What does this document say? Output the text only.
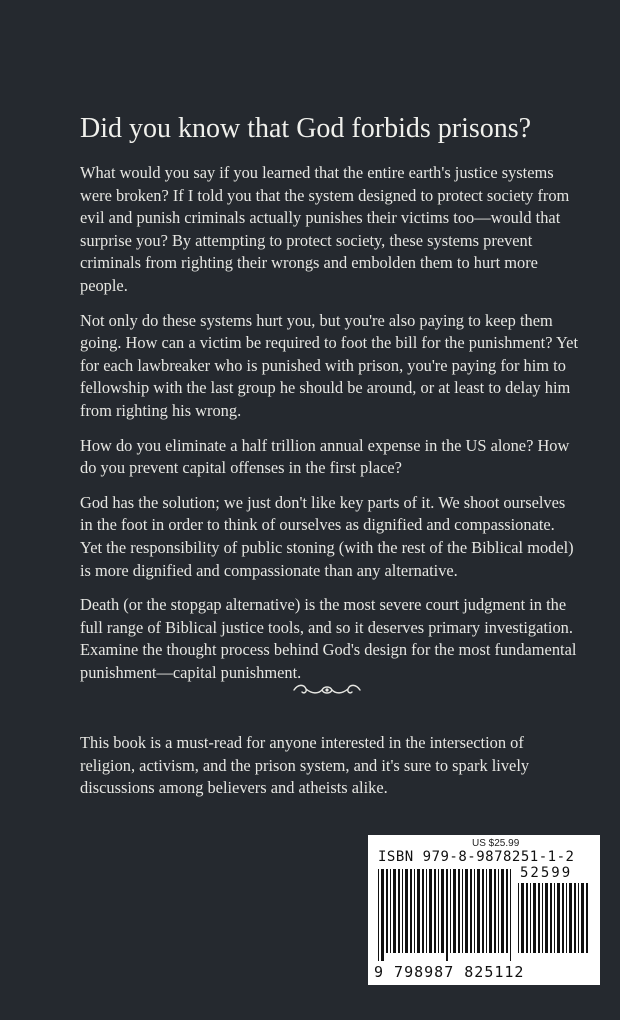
Did you know that God forbids prisons?

What would you say if you learned that the entire earth's justice systems were broken? If I told you that the system designed to protect society from evil and punish criminals actually punishes their victims too—would that surprise you? By attempting to protect society, these systems prevent criminals from righting their wrongs and embolden them to hurt more people.

Not only do these systems hurt you, but you're also paying to keep them going. How can a victim be required to foot the bill for the punishment? Yet for each lawbreaker who is punished with prison, you're paying for him to fellowship with the last group he should be around, or at least to delay him from righting his wrong.

How do you eliminate a half trillion annual expense in the US alone? How do you prevent capital offenses in the first place?

God has the solution; we just don't like key parts of it. We shoot ourselves in the foot in order to think of ourselves as dignified and compassionate. Yet the responsibility of public stoning (with the rest of the Biblical model) is more dignified and compassionate than any alternative.

Death (or the stopgap alternative) is the most severe court judgment in the full range of Biblical justice tools, and so it deserves primary investigation. Examine the thought process behind God's design for the most fundamental punishment—capital punishment.

This book is a must-read for anyone interested in the intersection of religion, activism, and the prison system, and it's sure to spark lively discussions among believers and atheists alike.

US $25.99
ISBN 979-8-9878251-1-2
52599
9 798987 825112
